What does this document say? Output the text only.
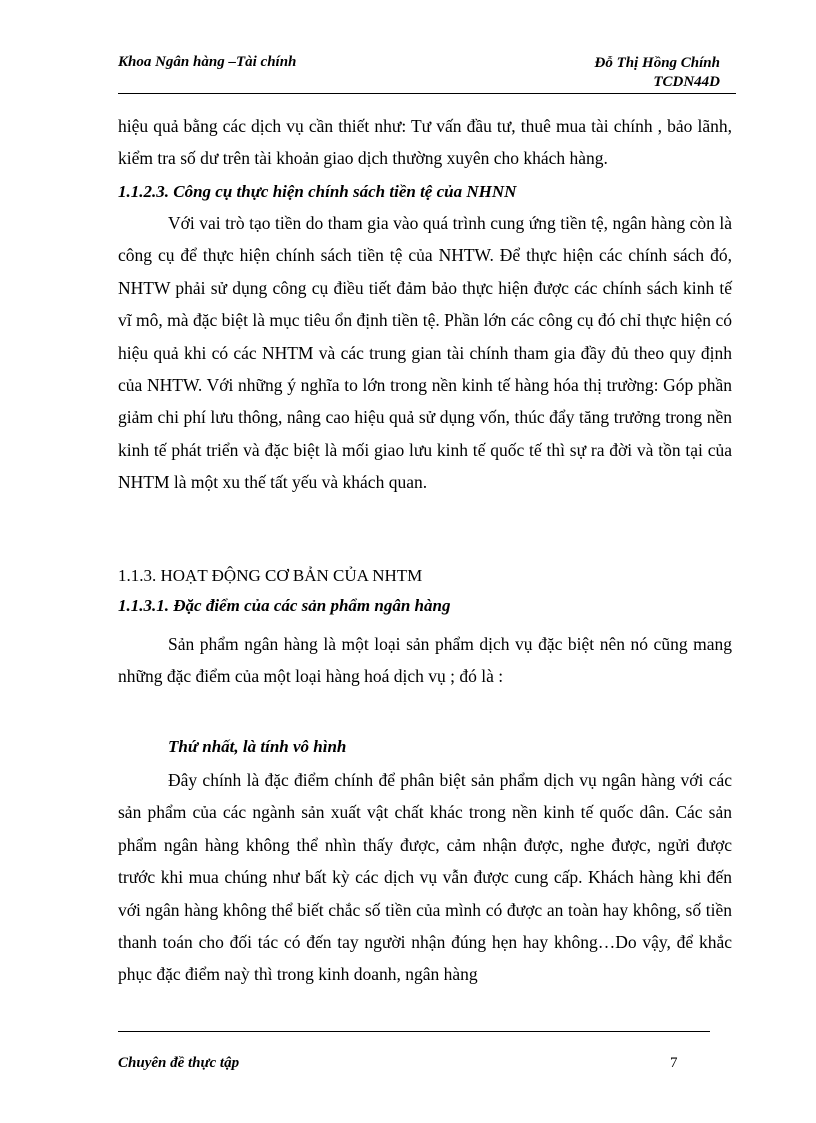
Khoa Ngân hàng –Tài chính	Đỗ Thị Hồng Chính
TCDN44D
hiệu quả bằng các dịch vụ cần thiết như: Tư vấn đầu tư, thuê mua tài chính , bảo lãnh, kiểm tra số dư trên tài khoản giao dịch thường xuyên cho khách hàng.
1.1.2.3. Công cụ thực hiện chính sách tiền tệ của NHNN
Với vai trò tạo tiền do tham gia vào quá trình cung ứng tiền tệ, ngân hàng còn là công cụ để thực hiện chính sách tiền tệ của NHTW. Để thực hiện các chính sách đó, NHTW phải sử dụng công cụ điều tiết đảm bảo thực hiện được các chính sách kinh tế vĩ mô, mà đặc biệt là mục tiêu ổn định tiền tệ. Phần lớn các công cụ đó chỉ thực hiện có hiệu quả khi có các NHTM và các trung gian tài chính tham gia đầy đủ theo quy định của NHTW. Với những ý nghĩa to lớn trong nền kinh tế hàng hóa thị trường: Góp phần giảm chi phí lưu thông, nâng cao hiệu quả sử dụng vốn, thúc đẩy tăng trưởng trong nền kinh tế phát triển và đặc biệt là mối giao lưu kinh tế quốc tế thì sự ra đời và tồn tại của NHTM là một xu thế tất yếu và khách quan.
1.1.3. HOẠT ĐỘNG CƠ BẢN CỦA NHTM
1.1.3.1. Đặc điểm của các sản phẩm ngân hàng
Sản phẩm ngân hàng là một loại sản phẩm dịch vụ đặc biệt nên nó cũng mang những đặc điểm của một loại hàng hoá dịch vụ ; đó là :
Thứ nhất, là tính vô hình
Đây chính là đặc điểm chính để phân biệt sản phẩm dịch vụ ngân hàng với các sản phẩm của các ngành sản xuất vật chất khác trong nền kinh tế quốc dân. Các sản phẩm ngân hàng không thể nhìn thấy được, cảm nhận được, nghe được, ngửi được trước khi mua chúng như bất kỳ các dịch vụ vẫn được cung cấp. Khách hàng khi đến với ngân hàng không thể biết chắc số tiền của mình có được an toàn hay không, số tiền thanh toán cho đối tác có đến tay người nhận đúng hẹn hay không…Do vậy, để khắc phục đặc điểm naỳ thì trong kinh doanh, ngân hàng
Chuyên đề thực tập	7
